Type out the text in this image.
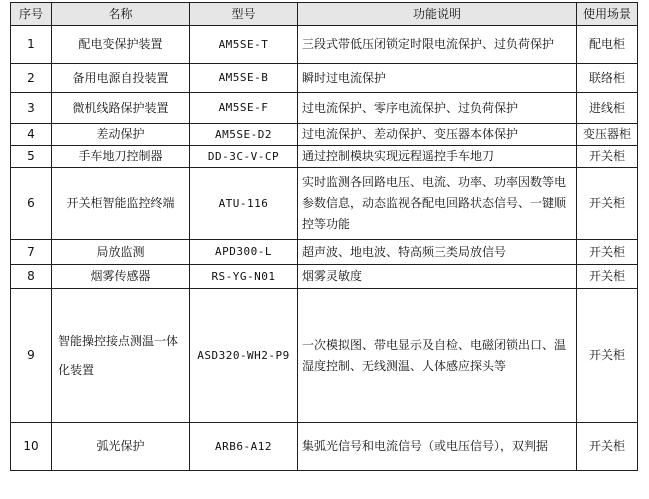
序号	名称	型号	功能说明	使用场景
1	配电变保护装置	AM5SE-T	三段式带低压闭锁定时限电流保护、过负荷保护	配电柜
2	备用电源自投装置	AM5SE-B	瞬时过电流保护	联络柜
3	微机线路保护装置	AM5SE-F	过电流保护、零序电流保护、过负荷保护	进线柜
4	差动保护	AM5SE-D2	过电流保护、差动保护、变压器本体保护	变压器柜
5	手车地刀控制器	DD-3C-V-CP	通过控制模块实现远程遥控手车地刀	开关柜
6	开关柜智能监控终端	ATU-116	实时监测各回路电压、电流、功率、功率因数等电参数信息，动态监视各配电回路状态信号、一键顺控等功能	开关柜
7	局放监测	APD300-L	超声波、地电波、特高频三类局放信号	开关柜
8	烟雾传感器	RS-YG-N01	烟雾灵敏度	开关柜
9	智能操控接点测温一体化装置	ASD320-WH2-P9	一次模拟图、带电显示及自检、电磁闭锁出口、温湿度控制、无线测温、人体感应探头等	开关柜
10	弧光保护	ARB6-A12	集弧光信号和电流信号（或电压信号），双判据	开关柜
